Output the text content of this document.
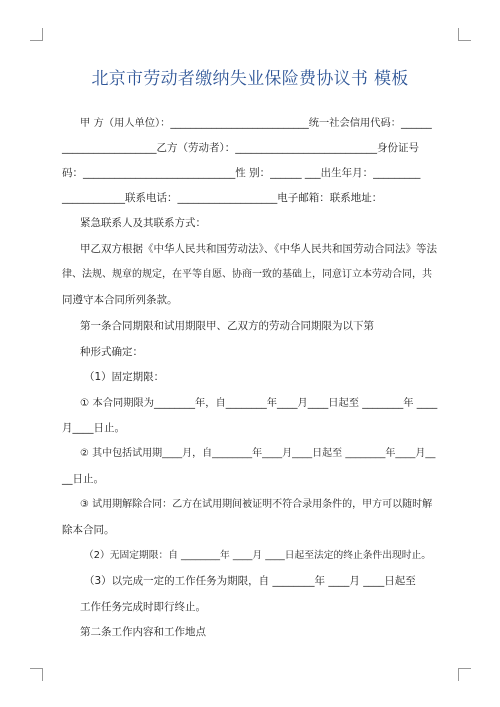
北京市劳动者缴纳失业保险费协议书 模板
甲 方（用人单位）：___________________________统一社会信用代码：______
__________________乙方（劳动者）：___________________________身份证号
码：_____________________________性 别：______ ___出生年月：_________
____________联系电话：___________________电子邮箱：联系地址：
紧急联系人及其联系方式：
甲乙双方根据《中华人民共和国劳动法》、《中华人民共和国劳动合同法》等法
律、法规、规章的规定，在平等自愿、协商一致的基础上，同意订立本劳动合同，共
同遵守本合同所列条款。
第一条合同期限和试用期限甲、乙双方的劳动合同期限为以下第
种形式确定：
（1）固定期限：
① 本合同期限为________年，自________年____月____日起至 ________年 ____
月____日止。
② 其中包括试用期____月，自________年____月____日起至 ________年____月__
__日止。
③ 试用期解除合同：乙方在试用期间被证明不符合录用条件的，甲方可以随时解
除本合同。
（2）无固定期限：自 ________年 ____月 ____日起至法定的终止条件出现时止。
（3）以完成一定的工作任务为期限，自 ________年 ____月 ____日起至
工作任务完成时即行终止。
第二条工作内容和工作地点
